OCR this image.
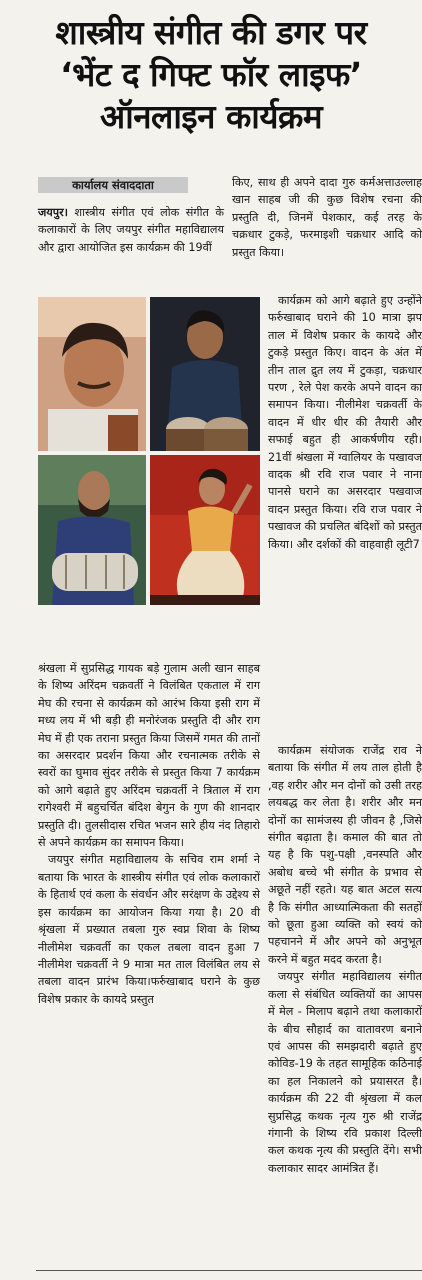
शास्त्रीय संगीत की डगर पर
‘भेंट द गिफ्ट फॉर लाइफ’
ऑनलाइन कार्यक्रम
कार्यालय संवाददाता

जयपुर। शास्त्रीय संगीत एवं लोक संगीत के कलाकारों के लिए जयपुर संगीत महाविद्यालय और द्वारा आयोजित इस कार्यक्रम की 19वीं

श्रंखला में सुप्रसिद्ध गायक बड़े गुलाम अली खान साहब के शिष्य अरिंदम चक्रवर्ती ने विलंबित एकताल में राग मेघ की रचना से कार्यक्रम को आरंभ किया इसी राग में मध्य लय में भी बड़ी ही मनोरंजक प्रस्तुति दी और राग मेघ में ही एक तराना प्रस्तुत किया जिसमें गमत की तानों का असरदार प्रदर्शन किया और रचनात्मक तरीके से स्वरों का घुमाव सुंदर तरीके से प्रस्तुत किया 7 कार्यक्रम को आगे बढ़ाते हुए अरिंदम चक्रवर्ती ने त्रिताल में राग रागेश्वरी में बहुचर्चित बंदिश बेगुन के गुण की शानदार प्रस्तुति दी। तुलसीदास रचित भजन सारे हीय नंद तिहारो से अपने कार्यक्रम का समापन किया।

जयपुर संगीत महाविद्यालय के सचिव राम शर्मा ने बताया कि भारत के शास्त्रीय संगीत एवं लोक कलाकारों के हितार्थ एवं कला के संवर्धन और सरंक्षण के उद्देश्य से इस कार्यक्रम का आयोजन किया गया है। 20 वी श्रृंखला में प्रख्यात तबला गुरु स्वप्न शिवा के शिष्य नीलीमेश चक्रवर्ती का एकल तबला वादन हुआ 7 नीलीमेश चक्रवर्ती ने 9 मात्रा मत ताल विलंबित लय से तबला वादन प्रारंभ किया।फर्रुखाबाद घराने के कुछ विशेष प्रकार के कायदे प्रस्तुत

किए, साथ ही अपने दादा गुरु कर्मअत्ताउल्लाह खान साहब जी की कुछ विशेष रचना की प्रस्तुति दी, जिनमें पेशकार, कई तरह के चक्रधार टुकड़े, फरमाइशी चक्रधार आदि को प्रस्तुत किया।

कार्यक्रम को आगे बढ़ाते हुए उन्होंने फर्रुखाबाद घराने की 10 मात्रा झप ताल में विशेष प्रकार के कायदे और टुकड़े प्रस्तुत किए। वादन के अंत में तीन ताल द्रुत लय में टुकड़ा, चक्रधार परण , रेले पेश करके अपने वादन का समापन किया। नीलीमेश चक्रवर्ती के वादन में धीर धीर की तैयारी और सफाई बहुत ही आकर्षणीय रही। 21वीं श्रंखला में ग्वालियर के पखावज वादक श्री रवि राज पवार ने नाना पानसे घराने का असरदार पखवाज वादन प्रस्तुत किया। रवि राज पवार ने पखावज की प्रचलित बंदिशों को प्रस्तुत किया। और दर्शकों की वाहवाही लूटी7

कार्यक्रम संयोजक राजेंद्र राव ने बताया कि संगीत में लय ताल होती है ,वह शरीर और मन दोनों को उसी तरह लयबद्ध कर लेता है। शरीर और मन दोनों का सामंजस्य ही जीवन है ,जिसे संगीत बढ़ाता है। कमाल की बात तो यह है कि पशु-पक्षी ,वनस्पति और अबोध बच्चे भी संगीत के प्रभाव से अछूते नहीं रहते। यह बात अटल सत्य है कि संगीत आध्यात्मिकता की सतहों को छूता हुआ व्यक्ति को स्वयं को पहचानने में और अपने को अनुभूत करने में बहुत मदद करता है।

जयपुर संगीत महाविद्यालय संगीत कला से संबंधित व्यक्तियों का आपस में मेल - मिलाप बढ़ाने तथा कलाकारों के बीच सौहार्द का वातावरण बनाने एवं आपस की समझदारी बढ़ाते हुए कोविड-19 के तहत सामूहिक कठिनाई का हल निकालने को प्रयासरत है। कार्यक्रम की 22 वी श्रृंखला में कल सुप्रसिद्ध कथक नृत्य गुरु श्री राजेंद्र गंगानी के शिष्य रवि प्रकाश दिल्ली कल कथक नृत्य की प्रस्तुति देंगे। सभी कलाकार सादर आमंत्रित हैं।
